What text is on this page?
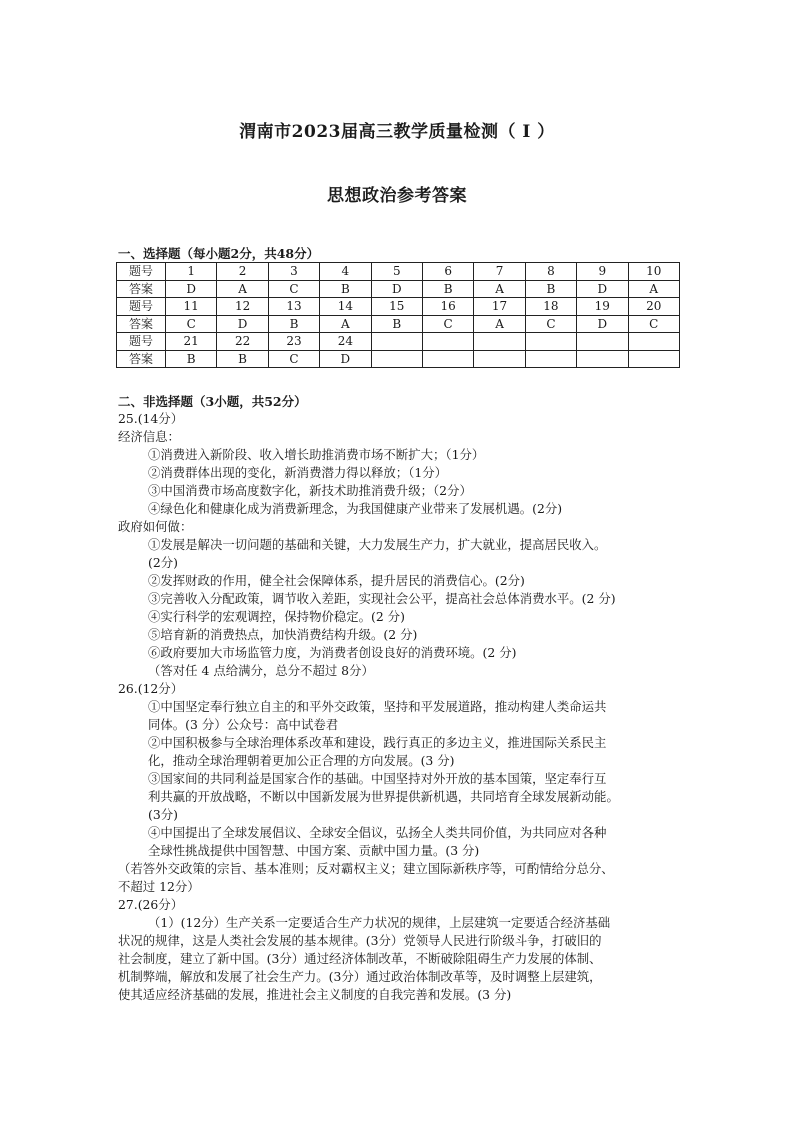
渭南市2023届高三教学质量检测（ Ⅰ ）
思想政治参考答案
一、选择题（每小题2分，共48分）
题号	1	2	3	4	5	6	7	8	9	10
答案	D	A	C	B	D	B	A	B	D	A
题号	11	12	13	14	15	16	17	18	19	20
答案	C	D	B	A	B	C	A	C	D	C
题号	21	22	23	24						
答案	B	B	C	D						
二、非选择题（3小题，共52分）
25.(14分）
经济信息：
①消费进入新阶段、收入增长助推消费市场不断扩大；（1分）
②消费群体出现的变化，新消费潜力得以释放；（1分）
③中国消费市场高度数字化，新技术助推消费升级；（2分）
④绿色化和健康化成为消费新理念，为我国健康产业带来了发展机遇。(2分)
政府如何做：
①发展是解决一切问题的基础和关键，大力发展生产力，扩大就业，提高居民收入。
(2分)
②发挥财政的作用，健全社会保障体系，提升居民的消费信心。(2分)
③完善收入分配政策，调节收入差距，实现社会公平，提高社会总体消费水平。(2 分)
④实行科学的宏观调控，保持物价稳定。(2 分)
⑤培育新的消费热点，加快消费结构升级。(2 分)
⑥政府要加大市场监管力度，为消费者创设良好的消费环境。(2 分)
（答对任 4 点给满分，总分不超过 8分）
26.(12分）
①中国坚定奉行独立自主的和平外交政策，坚持和平发展道路，推动构建人类命运共
同体。(3 分）公众号：高中试卷君
②中国积极参与全球治理体系改革和建设，践行真正的多边主义，推进国际关系民主
化，推动全球治理朝着更加公正合理的方向发展。(3 分)
③国家间的共同利益是国家合作的基础。中国坚持对外开放的基本国策，坚定奉行互
利共赢的开放战略，不断以中国新发展为世界提供新机遇，共同培育全球发展新动能。
(3分)
④中国提出了全球发展倡议、全球安全倡议，弘扬全人类共同价值，为共同应对各种
全球性挑战提供中国智慧、中国方案、贡献中国力量。(3 分)
（若答外交政策的宗旨、基本准则；反对霸权主义；建立国际新秩序等，可酌情给分总分、
不超过 12分）
27.(26分）
（1）(12分）生产关系一定要适合生产力状况的规律，上层建筑一定要适合经济基础
状况的规律，这是人类社会发展的基本规律。(3分）党领导人民进行阶级斗争，打破旧的
社会制度，建立了新中国。(3分）通过经济体制改革，不断破除阻碍生产力发展的体制、
机制弊端，解放和发展了社会生产力。(3分）通过政治体制改革等，及时调整上层建筑，
使其适应经济基础的发展，推进社会主义制度的自我完善和发展。(3 分)
